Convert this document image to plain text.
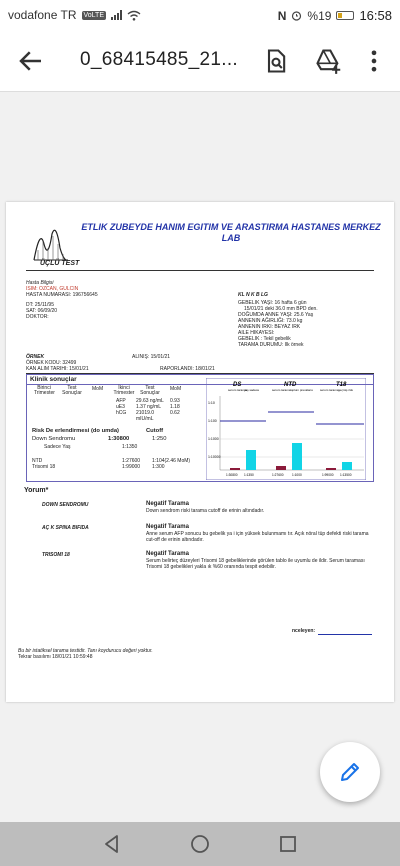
vodafone TR VoLTE	N %19 16:58
0_68415485_21...
ETLIK ZUBEYDE HANIM EGITIM VE ARASTIRMA HASTANES MERKEZ LAB
ÜÇLÜ TEST
Hasta Bilgisi
ISIM: OZCAN, GULCIN
HASTA NUMARASI: 196756645
DT: 25/11/95
SAT: 06/09/20
DOKTOR:
KL N K B LG
GEBELIK YAŞI: 16 hafta 6 gün
15/01/21 deki 36.0 mm BPD den.
DOĞUMDA ANNE YAŞI: 25.6 Yaş
ANNENIN AĞIRLIĞI: 73.0 kg
ANNENIN IRKI: BEYAZ IRK
AILE HIKAYESI:
GEBELIK : Tekil gebelik
TARAMA DURUMU: Ilk örnek
ÖRNEK
ÖRNEK KODU: 32499
KAN ALIM TARIHI: 15/01/21
ALINIŞ: 15/01/21
RAPORLANDI: 18/01/21
Klinik sonuçlar
Birinci Trimester
Test Sonuçlar
MoM	İkinci Trimester
Test Sonuçlar
MoM
AFP 29.63 ng/mL 0.93
uE3 1.37 ng/mL 1.18
hCG 21019.0	0.62
mIU/mL
Risk De erlendirmesi (do umda)	Cutoff
Down Sendromu	1:30800	1:250
Sadece Yaş	1:1350
NTD	1:27600 1:104(2.46 MoM)
Trisomi 18	1:99000 1:300
DS	NTD	T18
serum tarama
yaş sadece	serum tarama toplum prevalans serum tarama geçmiş risk
1:10
1:100
1:1000
1:10000
1:30800 1:1350	1:27600	1:1000	1:99000 1:13500
Yorum*
DOWN SENDROMU	Negatif Tarama
Down sendrom riski tarama cutoff de erinin altındadır.
AÇ K SPINA BIFIDA	Negatif Tarama
Anne serum AFP sonucu bu gebelik ya i için yüksek bulunmamı tır. Açık nöral tüp defekti riski tarama cut-off de erinin altındadır.
TRISOMI 18	Negatif Tarama
Serum belirteç düzeyleri Trisomi 18 gebeliklerinde görülen tablo ile uyumlu de ildir. Serum taraması Trisomi 18 gebelikleri yakla ık %60 oranında tespit edebilir.
nceleyen:
Bu bir istatiksel tarama testidir. Tanı koydurucu değeri yoktur.
Tekrar basılımı 18/01/21 10:59:48
